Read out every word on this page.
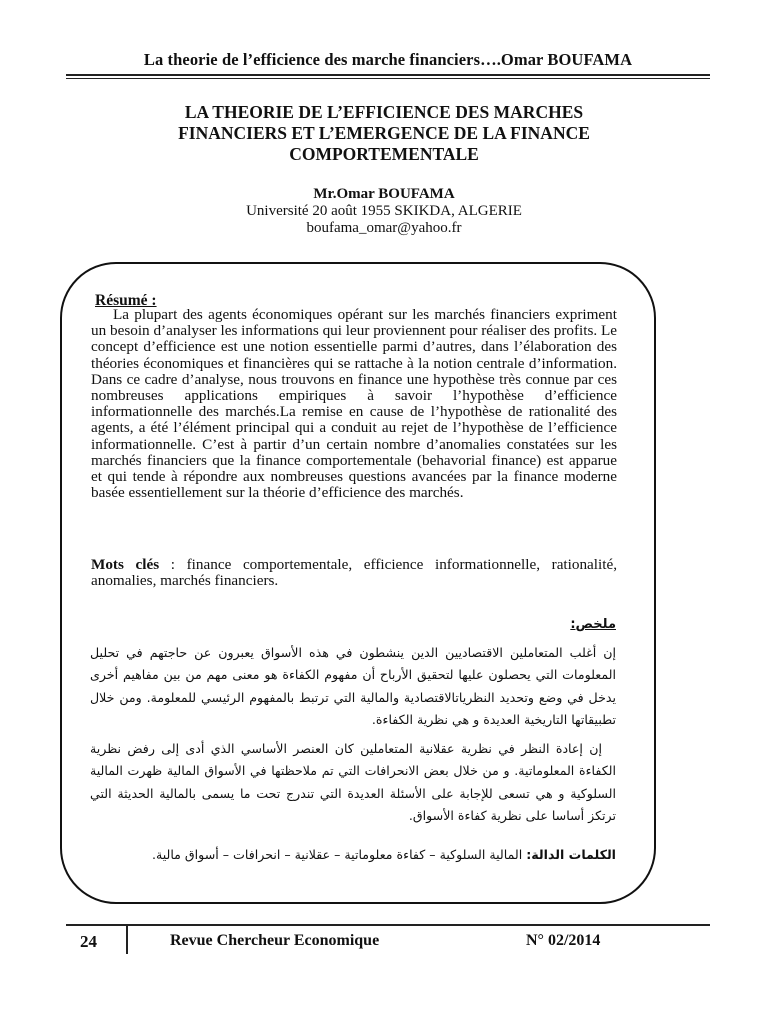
La theorie de l’efficience des marche financiers….Omar BOUFAMA
LA THEORIE DE L’EFFICIENCE DES MARCHES
FINANCIERS ET L’EMERGENCE DE LA FINANCE
COMPORTEMENTALE
Mr.Omar BOUFAMA
Université 20 août 1955 SKIKDA, ALGERIE
boufama_omar@yahoo.fr
Résumé :

La plupart des agents économiques opérant sur les marchés financiers expriment un besoin d’analyser les informations qui leur proviennent pour réaliser des profits. Le concept d’efficience est une notion essentielle parmi d’autres, dans l’élaboration des théories économiques et financières qui se rattache à la notion centrale d’information. Dans ce cadre d’analyse, nous trouvons en finance une hypothèse très connue par ces nombreuses applications empiriques à savoir l’hypothèse d’efficience informationnelle des marchés.La remise en cause de l’hypothèse de rationalité des agents, a été l’élément principal qui a conduit au rejet de l’hypothèse de l’efficience informationnelle. C’est à partir d’un certain nombre d’anomalies constatées sur les marchés financiers que la finance comportementale (behavorial finance) est apparue et qui tende à répondre aux nombreuses questions avancées par la finance moderne basée essentiellement sur la théorie d’efficience des marchés.

Mots clés : finance comportementale, efficience informationnelle, rationalité, anomalies, marchés financiers.

ملخص:

إن أغلب المتعاملين الاقتصاديين الدين ينشطون في هذه الأسواق يعبرون عن حاجتهم في تحليل المعلومات التي يحصلون عليها لتحقيق الأرباح أن مفهوم الكفاءة هو معنى مهم من بين مفاهيم أخرى يدخل في وضع وتحديد النظرياتالاقتصادية والمالية التي ترتبط بالمفهوم الرئيسي للمعلومة. ومن خلال تطبيقاتها التاريخية العديدة و هي نظرية الكفاءة.

إن إعادة النظر في نظرية عقلانية المتعاملين كان العنصر الأساسي الذي أدى إلى رفض نظرية الكفاءة المعلوماتية. و من خلال بعض الانحرافات التي تم ملاحظتها في الأسواق المالية ظهرت المالية السلوكية و هي تسعى للإجابة على الأسئلة العديدة التي تندرج تحت ما يسمى بالمالية الحديثة التي ترتكز أساسا على نظرية كفاءة الأسواق.

الكلمات الدالة: المالية السلوكية – كفاءة معلوماتية – عقلانية – انحرافات – أسواق مالية.

24	Revue Chercheur Economique	N° 02/2014
